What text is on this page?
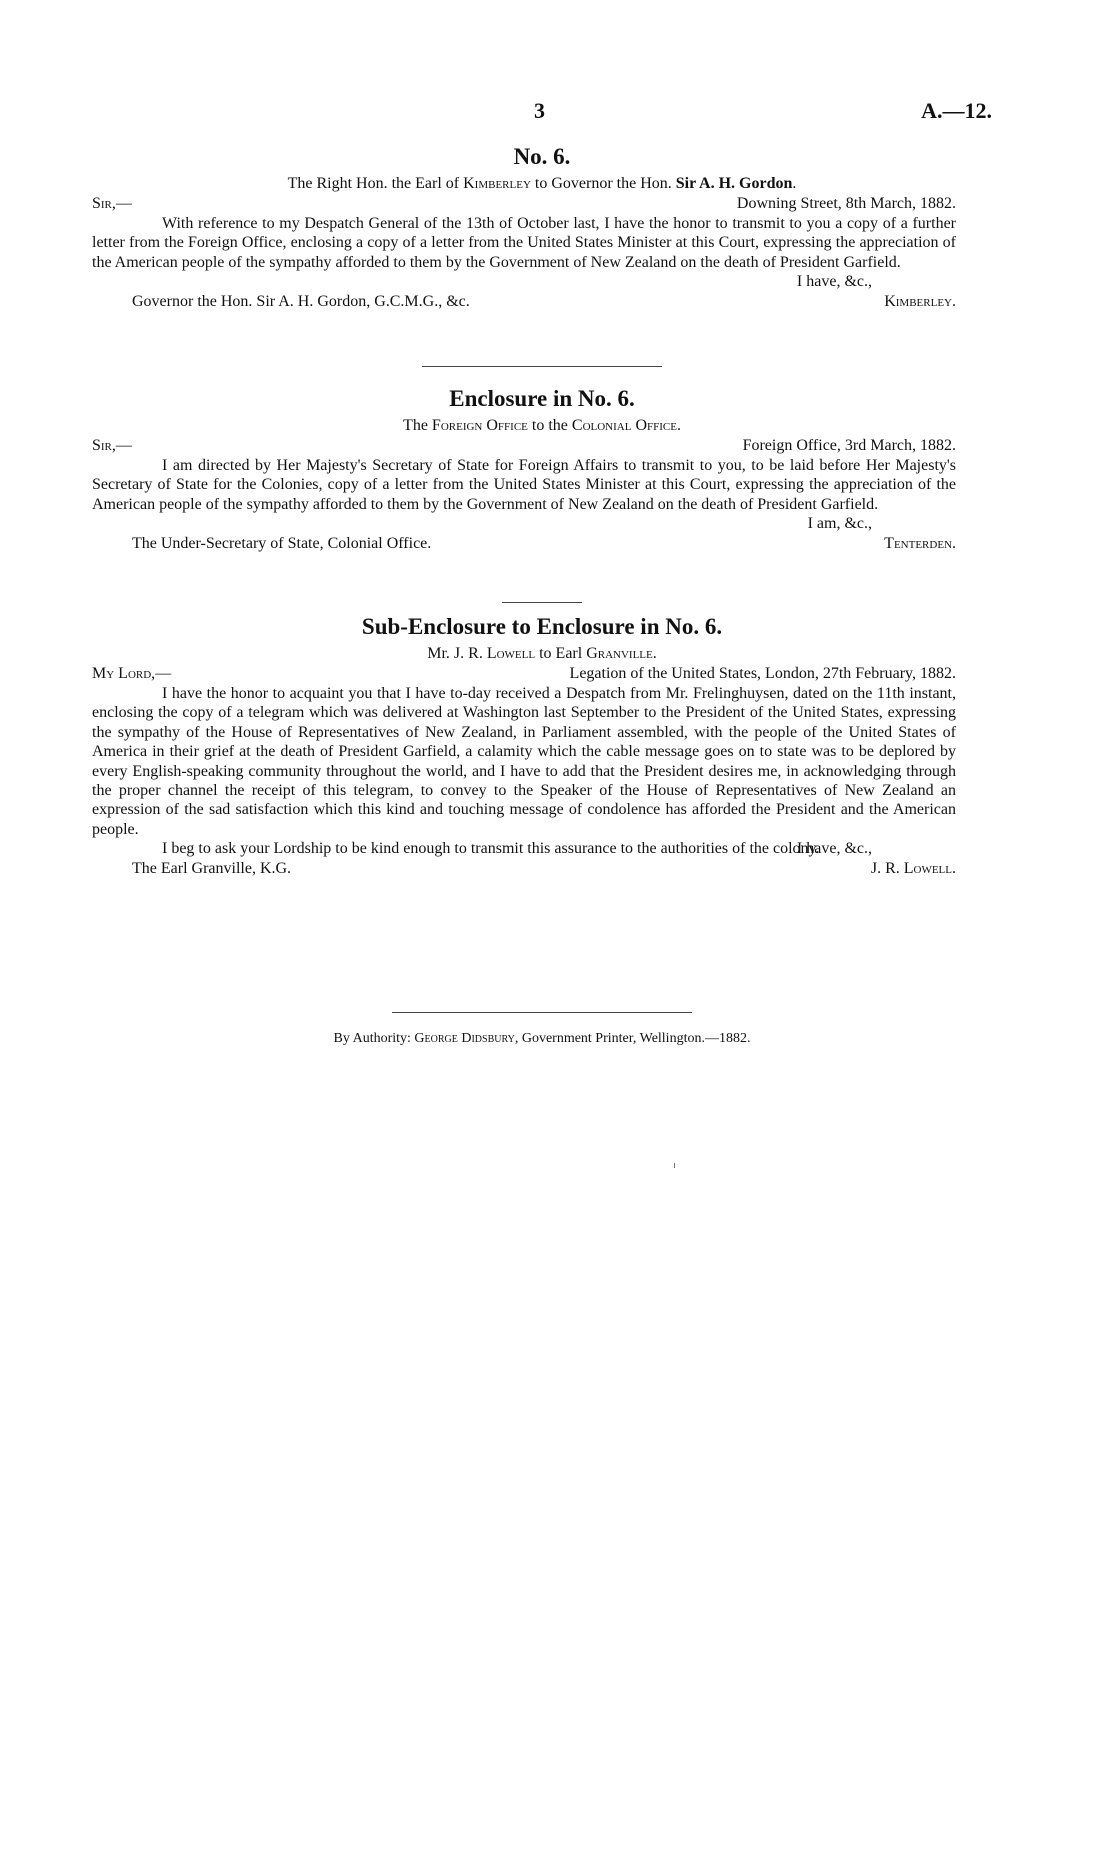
3	A.—12.
No. 6.

The Right Hon. the Earl of Kimberley to Governor the Hon. Sir A. H. Gordon.

Sir,—	Downing Street, 8th March, 1882.

With reference to my Despatch General of the 13th of October last, I have the honor to transmit to you a copy of a further letter from the Foreign Office, enclosing a copy of a letter from the United States Minister at this Court, expressing the appreciation of the American people of the sympathy afforded to them by the Government of New Zealand on the death of President Garfield.

I have, &c.,
Governor the Hon. Sir A. H. Gordon, G.C.M.G., &c.	Kimberley.
Enclosure in No. 6.

The Foreign Office to the Colonial Office.

Sir,—	Foreign Office, 3rd March, 1882.

I am directed by Her Majesty's Secretary of State for Foreign Affairs to transmit to you, to be laid before Her Majesty's Secretary of State for the Colonies, copy of a letter from the United States Minister at this Court, expressing the appreciation of the American people of the sympathy afforded to them by the Government of New Zealand on the death of President Garfield.

I am, &c.,
The Under-Secretary of State, Colonial Office.	Tenterden.
Sub-Enclosure to Enclosure in No. 6.

Mr. J. R. Lowell to Earl Granville.

My Lord,—	Legation of the United States, London, 27th February, 1882.

I have the honor to acquaint you that I have to-day received a Despatch from Mr. Frelinghuysen, dated on the 11th instant, enclosing the copy of a telegram which was delivered at Washington last September to the President of the United States, expressing the sympathy of the House of Representatives of New Zealand, in Parliament assembled, with the people of the United States of America in their grief at the death of President Garfield, a calamity which the cable message goes on to state was to be deplored by every English-speaking community throughout the world, and I have to add that the President desires me, in acknowledging through the proper channel the receipt of this telegram, to convey to the Speaker of the House of Representatives of New Zealand an expression of the sad satisfaction which this kind and touching message of condolence has afforded the President and the American people.

I beg to ask your Lordship to be kind enough to transmit this assurance to the authorities of the colony.

I have, &c.,
The Earl Granville, K.G.	J. R. Lowell.
By Authority: George Didsbury, Government Printer, Wellington.—1882.
